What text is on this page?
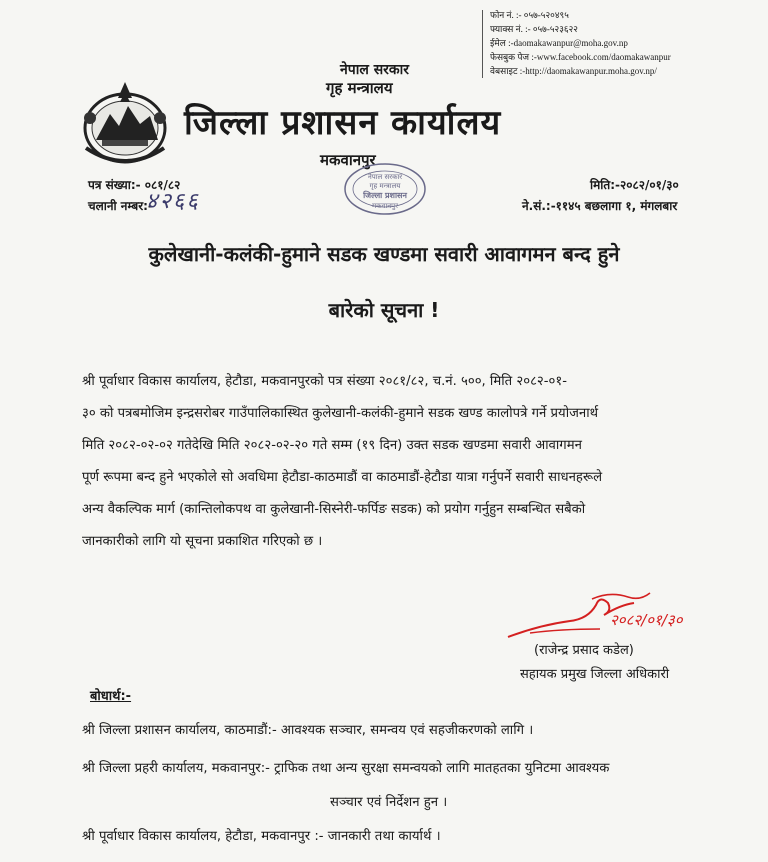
फोन नं. :- ०५७-५२०४९५
फ्याक्स नं. :- ०५७-५२३६२२
ईमेल :-daomakawanpur@moha.gov.np
फेसबुक पेज :-www.facebook.com/daomakawanpur
वेबसाइट :-http://daomakawanpur.moha.gov.np/
नेपाल सरकार
गृह मन्त्रालय
जिल्ला प्रशासन कार्यालय
मकवानपुर
पत्र संख्या:- ०८१/८२
चलानी नम्बर:-
४२६६
मिति:-२०८२/०१/३०
ने.सं.:-११४५ बछलागा १, मंगलबार
नेपाल सरकार
गृह मन्त्रालय
जिल्ला प्रशासन
मकवानपुर
कुलेखानी-कलंकी-हुमाने सडक खण्डमा सवारी आवागमन बन्द हुने
बारेको सूचना !
श्री पूर्वाधार विकास कार्यालय, हेटौडा, मकवानपुरको पत्र संख्या २०८१/८२, च.नं. ५००, मिति २०८२-०१-
३० को पत्रबमोजिम इन्द्रसरोबर गाउँपालिकास्थित कुलेखानी-कलंकी-हुमाने सडक खण्ड कालोपत्रे गर्ने प्रयोजनार्थ
मिति २०८२-०२-०२ गतेदेखि मिति २०८२-०२-२० गते सम्म (१९ दिन) उक्त सडक खण्डमा सवारी आवागमन
पूर्ण रूपमा बन्द हुने भएकोले सो अवधिमा हेटौडा-काठमाडौं वा काठमाडौं-हेटौडा यात्रा गर्नुपर्ने सवारी साधनहरूले
अन्य वैकल्पिक मार्ग (कान्तिलोकपथ वा कुलेखानी-सिस्नेरी-फर्पिङ सडक) को प्रयोग गर्नुहुन सम्बन्धित सबैको
जानकारीको लागि यो सूचना प्रकाशित गरिएको छ ।
२०८२/०१/३०
(राजेन्द्र प्रसाद कडेल)
सहायक प्रमुख जिल्ला अधिकारी
बोधार्थ:-
श्री जिल्ला प्रशासन कार्यालय, काठमाडौं:- आवश्यक सञ्चार, समन्वय एवं सहजीकरणको लागि ।
श्री जिल्ला प्रहरी कार्यालय, मकवानपुर:- ट्राफिक तथा अन्य सुरक्षा समन्वयको लागि मातहतका युनिटमा आवश्यक
सञ्चार एवं निर्देशन हुन ।
श्री पूर्वाधार विकास कार्यालय, हेटौडा, मकवानपुर :- जानकारी तथा कार्यार्थ ।
